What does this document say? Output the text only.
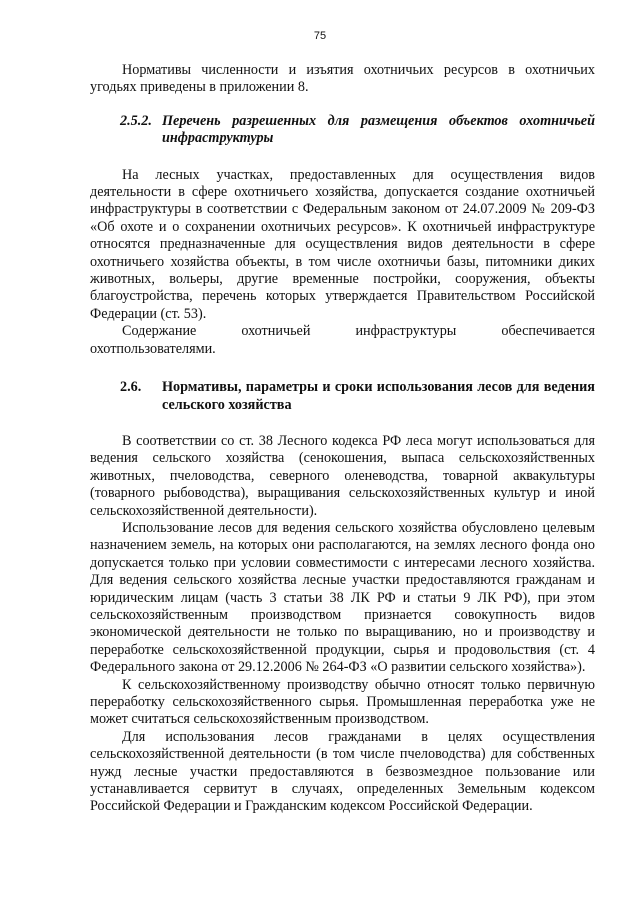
75

Нормативы численности и изъятия охотничьих ресурсов в охотничьих угодьях приведены в приложении 8.

2.5.2. Перечень разрешенных для размещения объектов охотничьей инфраструктуры

На лесных участках, предоставленных для осуществления видов деятельности в сфере охотничьего хозяйства, допускается создание охотничьей инфраструктуры в соответствии с Федеральным законом от 24.07.2009 № 209-ФЗ «Об охоте и о сохранении охотничьих ресурсов». К охотничьей инфраструктуре относятся предназначенные для осуществления видов деятельности в сфере охотничьего хозяйства объекты, в том числе охотничьи базы, питомники диких животных, вольеры, другие временные постройки, сооружения, объекты благоустройства, перечень которых утверждается Правительством Российской Федерации (ст. 53).

Содержание охотничьей инфраструктуры обеспечивается охотпользователями.

2.6.	Нормативы, параметры и сроки использования лесов для ведения сельского хозяйства

В соответствии со ст. 38 Лесного кодекса РФ леса могут использоваться для ведения сельского хозяйства (сенокошения, выпаса сельскохозяйственных животных, пчеловодства, северного оленеводства, товарной аквакультуры (товарного рыбоводства), выращивания сельскохозяйственных культур и иной сельскохозяйственной деятельности).

Использование лесов для ведения сельского хозяйства обусловлено целевым назначением земель, на которых они располагаются, на землях лесного фонда оно допускается только при условии совместимости с интересами лесного хозяйства. Для ведения сельского хозяйства лесные участки предоставляются гражданам и юридическим лицам (часть 3 статьи 38 ЛК РФ и статьи 9 ЛК РФ), при этом сельскохозяйственным производством признается совокупность видов экономической деятельности не только по выращиванию, но и производству и переработке сельскохозяйственной продукции, сырья и продовольствия (ст. 4 Федерального закона от 29.12.2006 № 264-ФЗ «О развитии сельского хозяйства»).

К сельскохозяйственному производству обычно относят только первичную переработку сельскохозяйственного сырья. Промышленная переработка уже не может считаться сельскохозяйственным производством.

Для использования лесов гражданами в целях осуществления сельскохозяйственной деятельности (в том числе пчеловодства) для собственных нужд лесные участки предоставляются в безвозмездное пользование или устанавливается сервитут в случаях, определенных Земельным кодексом Российской Федерации и Гражданским кодексом Российской Федерации.
